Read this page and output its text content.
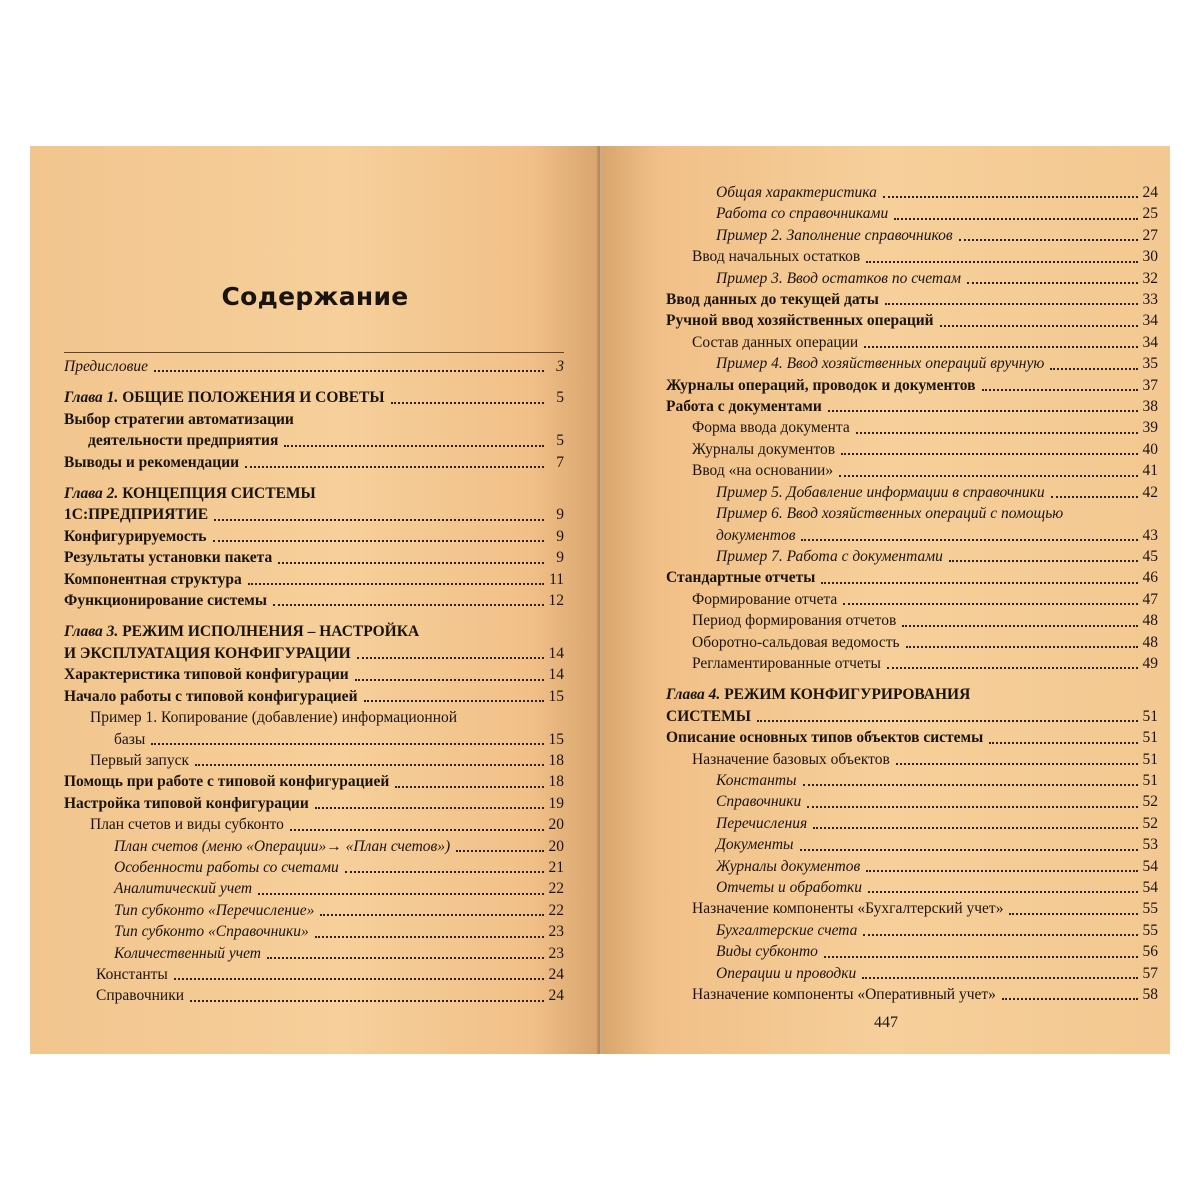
Содержание
Предисловие	3
Глава 1. ОБЩИЕ ПОЛОЖЕНИЯ И СОВЕТЫ	5
Выбор стратегии автоматизации
деятельности предприятия	5
Выводы и рекомендации	7
Глава 2. КОНЦЕПЦИЯ СИСТЕМЫ
1С:ПРЕДПРИЯТИЕ	9
Конфигурируемость	9
Результаты установки пакета	9
Компонентная структура	11
Функционирование системы	12
Глава 3. РЕЖИМ ИСПОЛНЕНИЯ – НАСТРОЙКА
И ЭКСПЛУАТАЦИЯ КОНФИГУРАЦИИ	14
Характеристика типовой конфигурации	14
Начало работы с типовой конфигурацией	15
Пример 1. Копирование (добавление) информационной
базы	15
Первый запуск	18
Помощь при работе с типовой конфигурацией	18
Настройка типовой конфигурации	19
План счетов и виды субконто	20
План счетов (меню «Операции»→ «План счетов»)	20
Особенности работы со счетами	21
Аналитический учет	22
Тип субконто «Перечисление»	22
Тип субконто «Справочники»	23
Количественный учет	23
Константы	24
Справочники	24
Общая характеристика	24
Работа со справочниками	25
Пример 2. Заполнение справочников	27
Ввод начальных остатков	30
Пример 3. Ввод остатков по счетам	32
Ввод данных до текущей даты	33
Ручной ввод хозяйственных операций	34
Состав данных операции	34
Пример 4. Ввод хозяйственных операций вручную	35
Журналы операций, проводок и документов	37
Работа с документами	38
Форма ввода документа	39
Журналы документов	40
Ввод «на основании»	41
Пример 5. Добавление информации в справочники	42
Пример 6. Ввод хозяйственных операций с помощью
документов	43
Пример 7. Работа с документами	45
Стандартные отчеты	46
Формирование отчета	47
Период формирования отчетов	48
Оборотно-сальдовая ведомость	48
Регламентированные отчеты	49
Глава 4. РЕЖИМ КОНФИГУРИРОВАНИЯ
СИСТЕМЫ	51
Описание основных типов объектов системы	51
Назначение базовых объектов	51
Константы	51
Справочники	52
Перечисления	52
Документы	53
Журналы документов	54
Отчеты и обработки	54
Назначение компоненты «Бухгалтерский учет»	55
Бухгалтерские счета	55
Виды субконто	56
Операции и проводки	57
Назначение компоненты «Оперативный учет»	58
447
